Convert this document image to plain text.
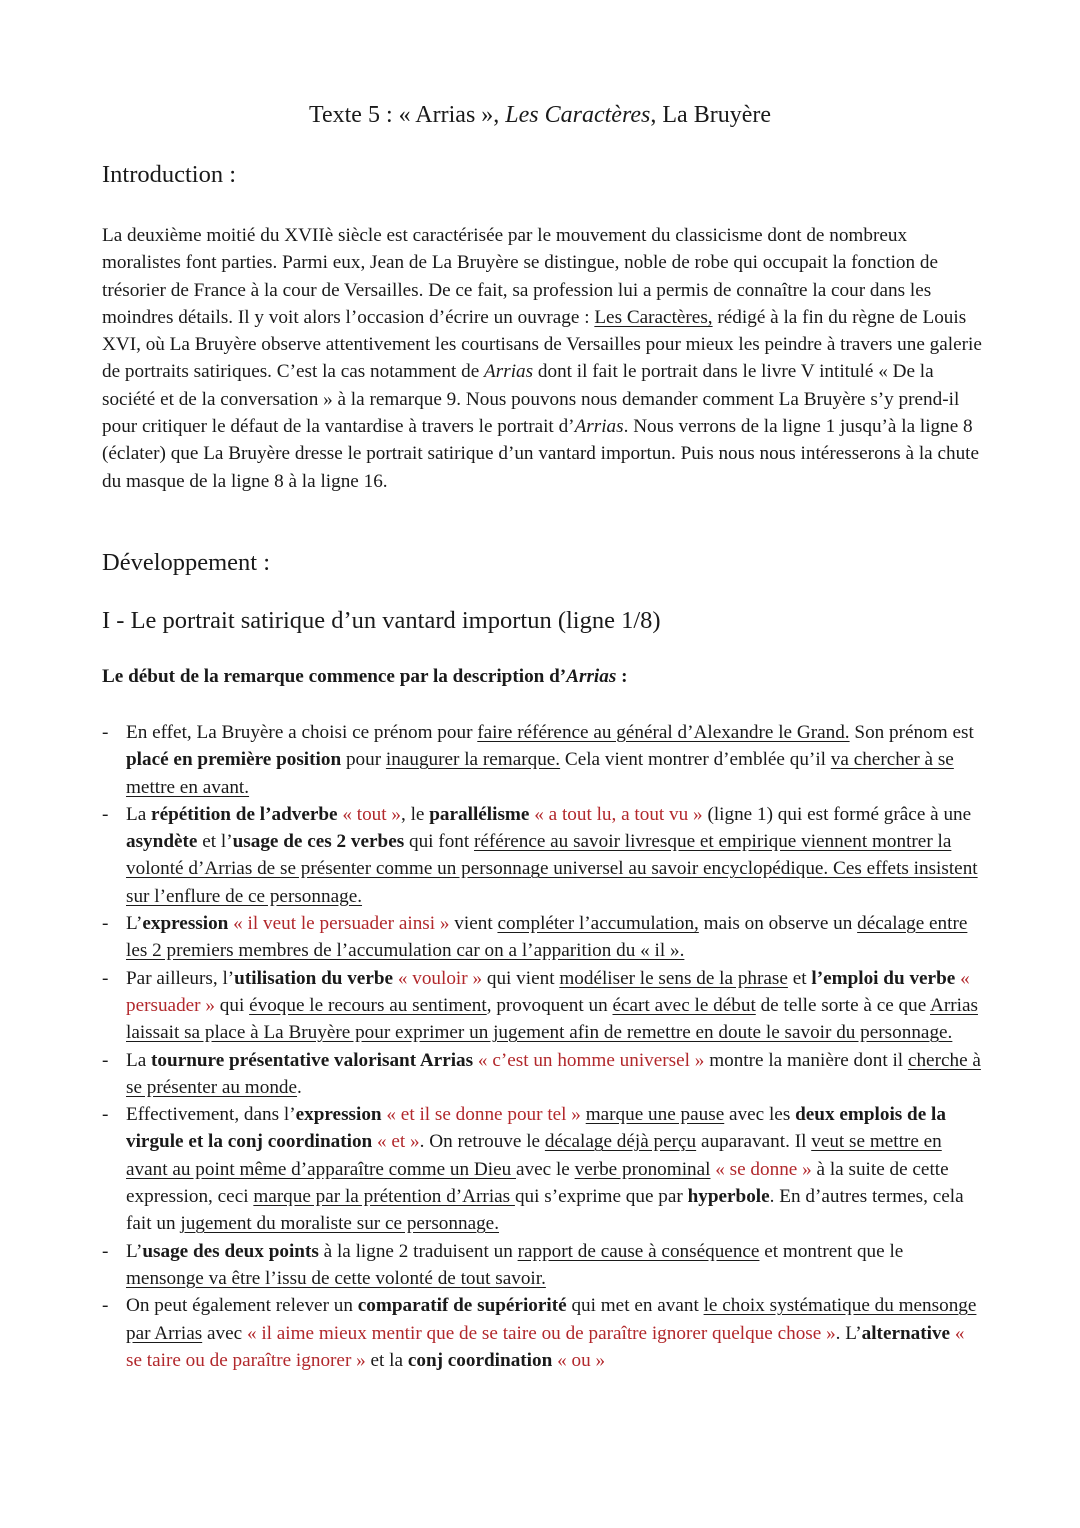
Texte 5 : « Arrias », Les Caractères, La Bruyère
Introduction :
La deuxième moitié du XVIIè siècle est caractérisée par le mouvement du classicisme dont de nombreux moralistes font parties. Parmi eux, Jean de La Bruyère se distingue, noble de robe qui occupait la fonction de trésorier de France à la cour de Versailles. De ce fait, sa profession lui a permis de connaître la cour dans les moindres détails. Il y voit alors l’occasion d’écrire un ouvrage : Les Caractères, rédigé à la fin du règne de Louis XVI, où La Bruyère observe attentivement les courtisans de Versailles pour mieux les peindre à travers une galerie de portraits satiriques. C’est la cas notamment de Arrias dont il fait le portrait dans le livre V intitulé « De la société et de la conversation » à la remarque 9. Nous pouvons nous demander comment La Bruyère s’y prend-il pour critiquer le défaut de la vantardise à travers le portrait d’Arrias. Nous verrons de la ligne 1 jusqu’à la ligne 8 (éclater) que La Bruyère dresse le portrait satirique d’un vantard importun. Puis nous nous intéresserons à la chute du masque de la ligne 8 à la ligne 16.
Développement :
I - Le portrait satirique d’un vantard importun (ligne 1/8)
Le début de la remarque commence par la description d’Arrias :
- En effet, La Bruyère a choisi ce prénom pour faire référence au général d’Alexandre le Grand. Son prénom est placé en première position pour inaugurer la remarque. Cela vient montrer d’emblée qu’il va chercher à se mettre en avant.
- La répétition de l’adverbe « tout », le parallélisme « a tout lu, a tout vu » (ligne 1) qui est formé grâce à une asyndète et l’usage de ces 2 verbes qui font référence au savoir livresque et empirique viennent montrer la volonté d’Arrias de se présenter comme un personnage universel au savoir encyclopédique. Ces effets insistent sur l’enflure de ce personnage.
- L’expression « il veut le persuader ainsi » vient compléter l’accumulation, mais on observe un décalage entre les 2 premiers membres de l’accumulation car on a l’apparition du « il ».
- Par ailleurs, l’utilisation du verbe « vouloir » qui vient modéliser le sens de la phrase et l’emploi du verbe « persuader » qui évoque le recours au sentiment, provoquent un écart avec le début de telle sorte à ce que Arrias laissait sa place à La Bruyère pour exprimer un jugement afin de remettre en doute le savoir du personnage.
- La tournure présentative valorisant Arrias « c’est un homme universel » montre la manière dont il cherche à se présenter au monde.
- Effectivement, dans l’expression « et il se donne pour tel » marque une pause avec les deux emplois de la virgule et la conj coordination « et ». On retrouve le décalage déjà perçu auparavant. Il veut se mettre en avant au point même d’apparaître comme un Dieu avec le verbe pronominal « se donne » à la suite de cette expression, ceci marque par la prétention d’Arrias qui s’exprime que par hyperbole. En d’autres termes, cela fait un jugement du moraliste sur ce personnage.
- L’usage des deux points à la ligne 2 traduisent un rapport de cause à conséquence et montrent que le mensonge va être l’issu de cette volonté de tout savoir.
- On peut également relever un comparatif de supériorité qui met en avant le choix systématique du mensonge par Arrias avec « il aime mieux mentir que de se taire ou de paraître ignorer quelque chose ». L’alternative « se taire ou de paraître ignorer » et la conj coordination « ou »
